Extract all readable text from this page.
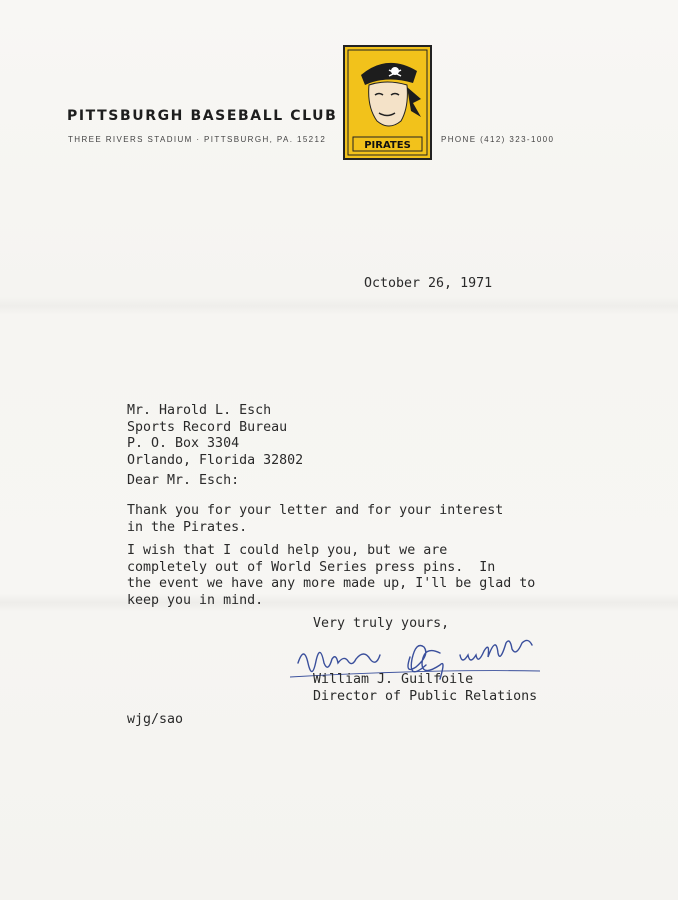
PITTSBURGH BASEBALL CLUB
THREE RIVERS STADIUM · PITTSBURGH, PA. 15212	PHONE (412) 323-1000
PIRATES
October 26, 1971
Mr. Harold L. Esch
Sports Record Bureau
P. O. Box 3304
Orlando, Florida 32802
Dear Mr. Esch:
Thank you for your letter and for your interest
in the Pirates.
I wish that I could help you, but we are
completely out of World Series press pins.  In
the event we have any more made up, I'll be glad to
keep you in mind.
Very truly yours,
William J. Guilfoile
Director of Public Relations
wjg/sao
